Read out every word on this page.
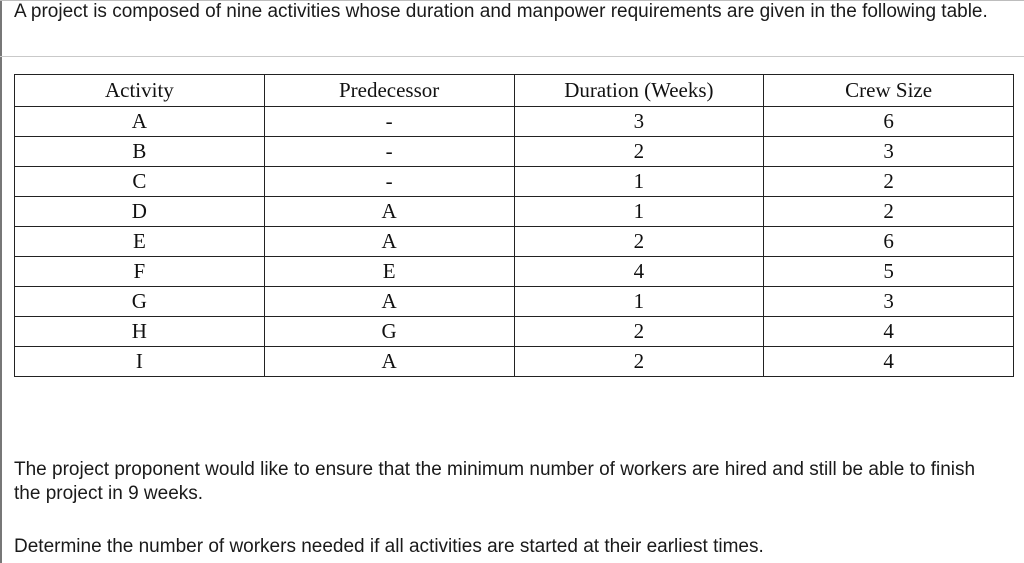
A project is composed of nine activities whose duration and manpower requirements are given in the following table.

Activity	Predecessor	Duration (Weeks)	Crew Size
A	-	3	6
B	-	2	3
C	-	1	2
D	A	1	2
E	A	2	6
F	E	4	5
G	A	1	3
H	G	2	4
I	A	2	4

The project proponent would like to ensure that the minimum number of workers are hired and still be able to finish the project in 9 weeks.

Determine the number of workers needed if all activities are started at their earliest times.
